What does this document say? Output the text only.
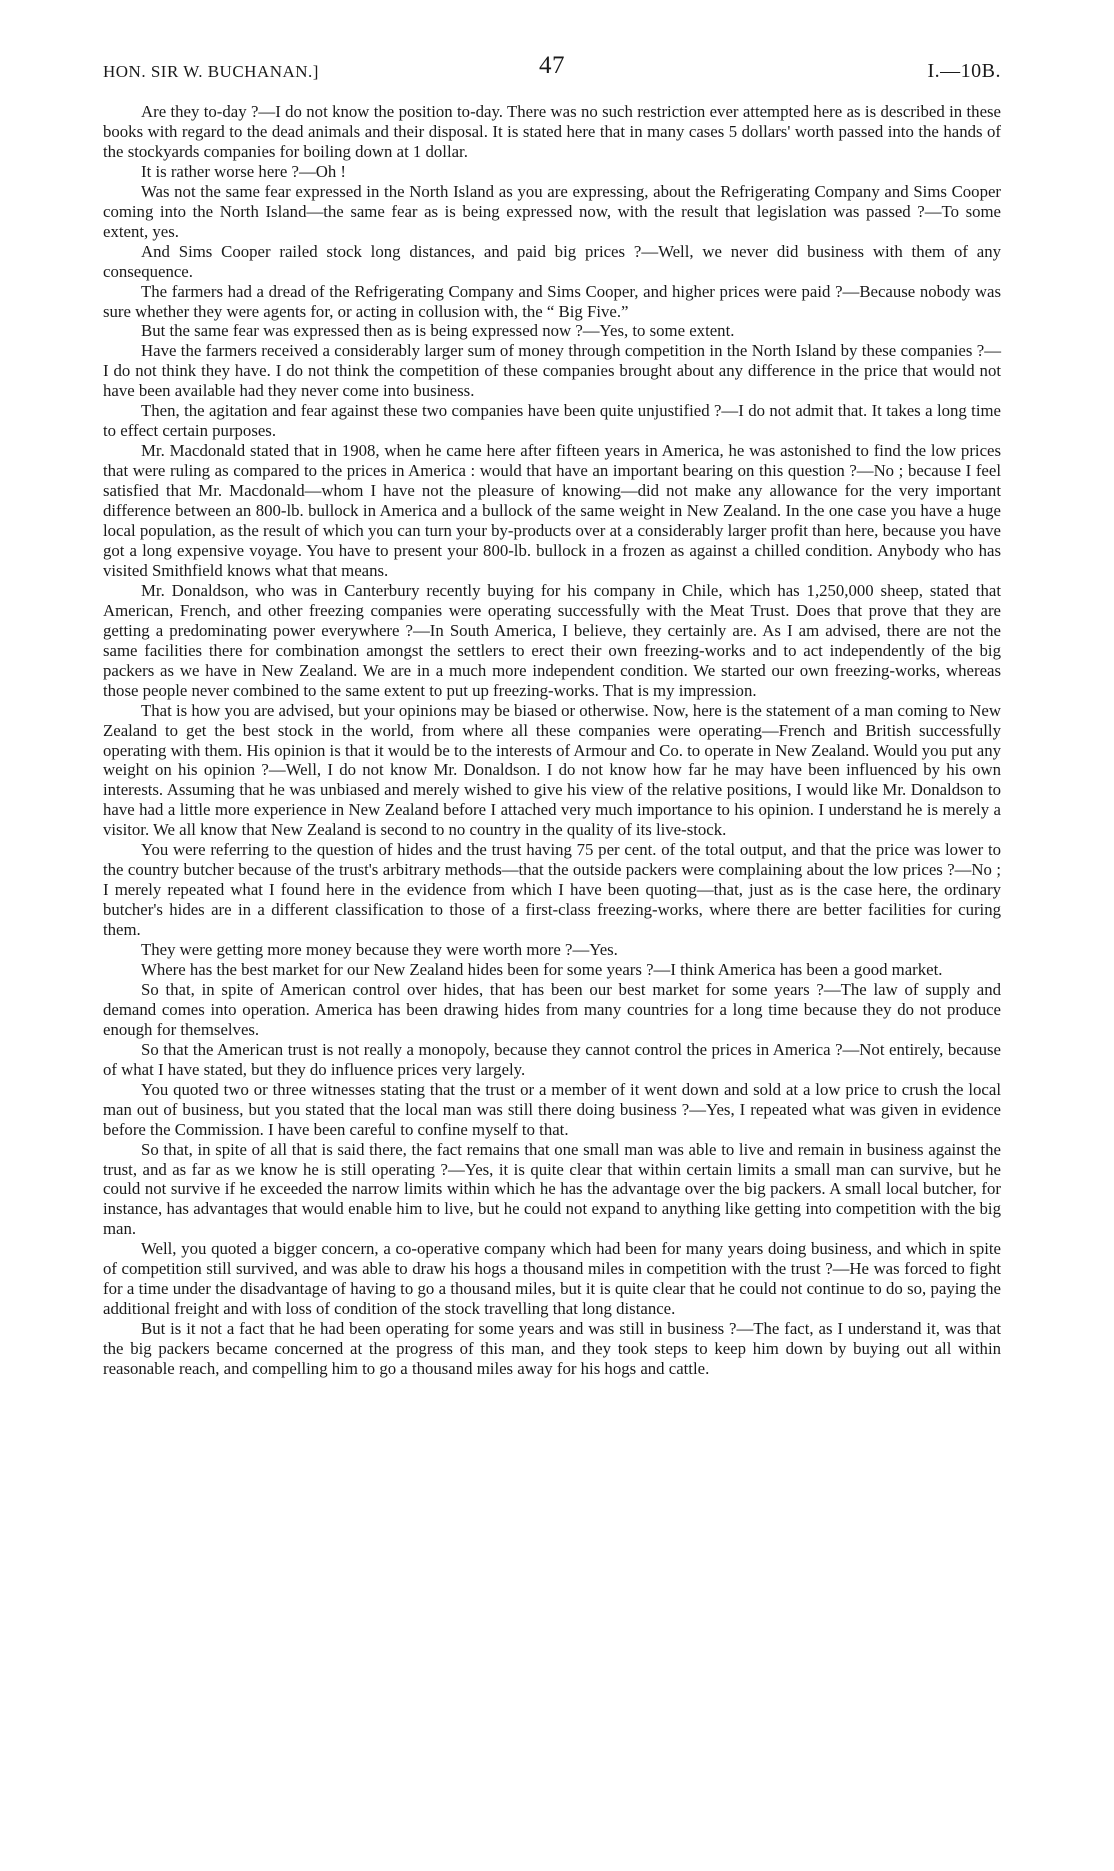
HON. SIR W. BUCHANAN.]	47	I.—10B.

Are they to-day ?—I do not know the position to-day. There was no such restriction ever attempted here as is described in these books with regard to the dead animals and their disposal. It is stated here that in many cases 5 dollars' worth passed into the hands of the stockyards companies for boiling down at 1 dollar.

It is rather worse here ?—Oh !

Was not the same fear expressed in the North Island as you are expressing, about the Refrigerating Company and Sims Cooper coming into the North Island—the same fear as is being expressed now, with the result that legislation was passed ?—To some extent, yes.

And Sims Cooper railed stock long distances, and paid big prices ?—Well, we never did business with them of any consequence.

The farmers had a dread of the Refrigerating Company and Sims Cooper, and higher prices were paid ?—Because nobody was sure whether they were agents for, or acting in collusion with, the “ Big Five.”

But the same fear was expressed then as is being expressed now ?—Yes, to some extent.

Have the farmers received a considerably larger sum of money through competition in the North Island by these companies ?—I do not think they have. I do not think the competition of these companies brought about any difference in the price that would not have been available had they never come into business.

Then, the agitation and fear against these two companies have been quite unjustified ?—I do not admit that. It takes a long time to effect certain purposes.

Mr. Macdonald stated that in 1908, when he came here after fifteen years in America, he was astonished to find the low prices that were ruling as compared to the prices in America : would that have an important bearing on this question ?—No ; because I feel satisfied that Mr. Macdonald—whom I have not the pleasure of knowing—did not make any allowance for the very important difference between an 800-lb. bullock in America and a bullock of the same weight in New Zealand. In the one case you have a huge local population, as the result of which you can turn your by-products over at a considerably larger profit than here, because you have got a long expensive voyage. You have to present your 800-lb. bullock in a frozen as against a chilled condition. Anybody who has visited Smithfield knows what that means.

Mr. Donaldson, who was in Canterbury recently buying for his company in Chile, which has 1,250,000 sheep, stated that American, French, and other freezing companies were operating successfully with the Meat Trust. Does that prove that they are getting a predominating power everywhere ?—In South America, I believe, they certainly are. As I am advised, there are not the same facilities there for combination amongst the settlers to erect their own freezing-works and to act independently of the big packers as we have in New Zealand. We are in a much more independent condition. We started our own freezing-works, whereas those people never combined to the same extent to put up freezing-works. That is my impression.

That is how you are advised, but your opinions may be biased or otherwise. Now, here is the statement of a man coming to New Zealand to get the best stock in the world, from where all these companies were operating—French and British successfully operating with them. His opinion is that it would be to the interests of Armour and Co. to operate in New Zealand. Would you put any weight on his opinion ?—Well, I do not know Mr. Donaldson. I do not know how far he may have been influenced by his own interests. Assuming that he was unbiased and merely wished to give his view of the relative positions, I would like Mr. Donaldson to have had a little more experience in New Zealand before I attached very much importance to his opinion. I understand he is merely a visitor. We all know that New Zealand is second to no country in the quality of its live-stock.

You were referring to the question of hides and the trust having 75 per cent. of the total output, and that the price was lower to the country butcher because of the trust's arbitrary methods—that the outside packers were complaining about the low prices ?—No ; I merely repeated what I found here in the evidence from which I have been quoting—that, just as is the case here, the ordinary butcher's hides are in a different classification to those of a first-class freezing-works, where there are better facilities for curing them.

They were getting more money because they were worth more ?—Yes.

Where has the best market for our New Zealand hides been for some years ?—I think America has been a good market.

So that, in spite of American control over hides, that has been our best market for some years ?—The law of supply and demand comes into operation. America has been drawing hides from many countries for a long time because they do not produce enough for themselves.

So that the American trust is not really a monopoly, because they cannot control the prices in America ?—Not entirely, because of what I have stated, but they do influence prices very largely.

You quoted two or three witnesses stating that the trust or a member of it went down and sold at a low price to crush the local man out of business, but you stated that the local man was still there doing business ?—Yes, I repeated what was given in evidence before the Commission. I have been careful to confine myself to that.

So that, in spite of all that is said there, the fact remains that one small man was able to live and remain in business against the trust, and as far as we know he is still operating ?—Yes, it is quite clear that within certain limits a small man can survive, but he could not survive if he exceeded the narrow limits within which he has the advantage over the big packers. A small local butcher, for instance, has advantages that would enable him to live, but he could not expand to anything like getting into competition with the big man.

Well, you quoted a bigger concern, a co-operative company which had been for many years doing business, and which in spite of competition still survived, and was able to draw his hogs a thousand miles in competition with the trust ?—He was forced to fight for a time under the disadvantage of having to go a thousand miles, but it is quite clear that he could not continue to do so, paying the additional freight and with loss of condition of the stock travelling that long distance.

But is it not a fact that he had been operating for some years and was still in business ?—The fact, as I understand it, was that the big packers became concerned at the progress of this man, and they took steps to keep him down by buying out all within reasonable reach, and compelling him to go a thousand miles away for his hogs and cattle.
